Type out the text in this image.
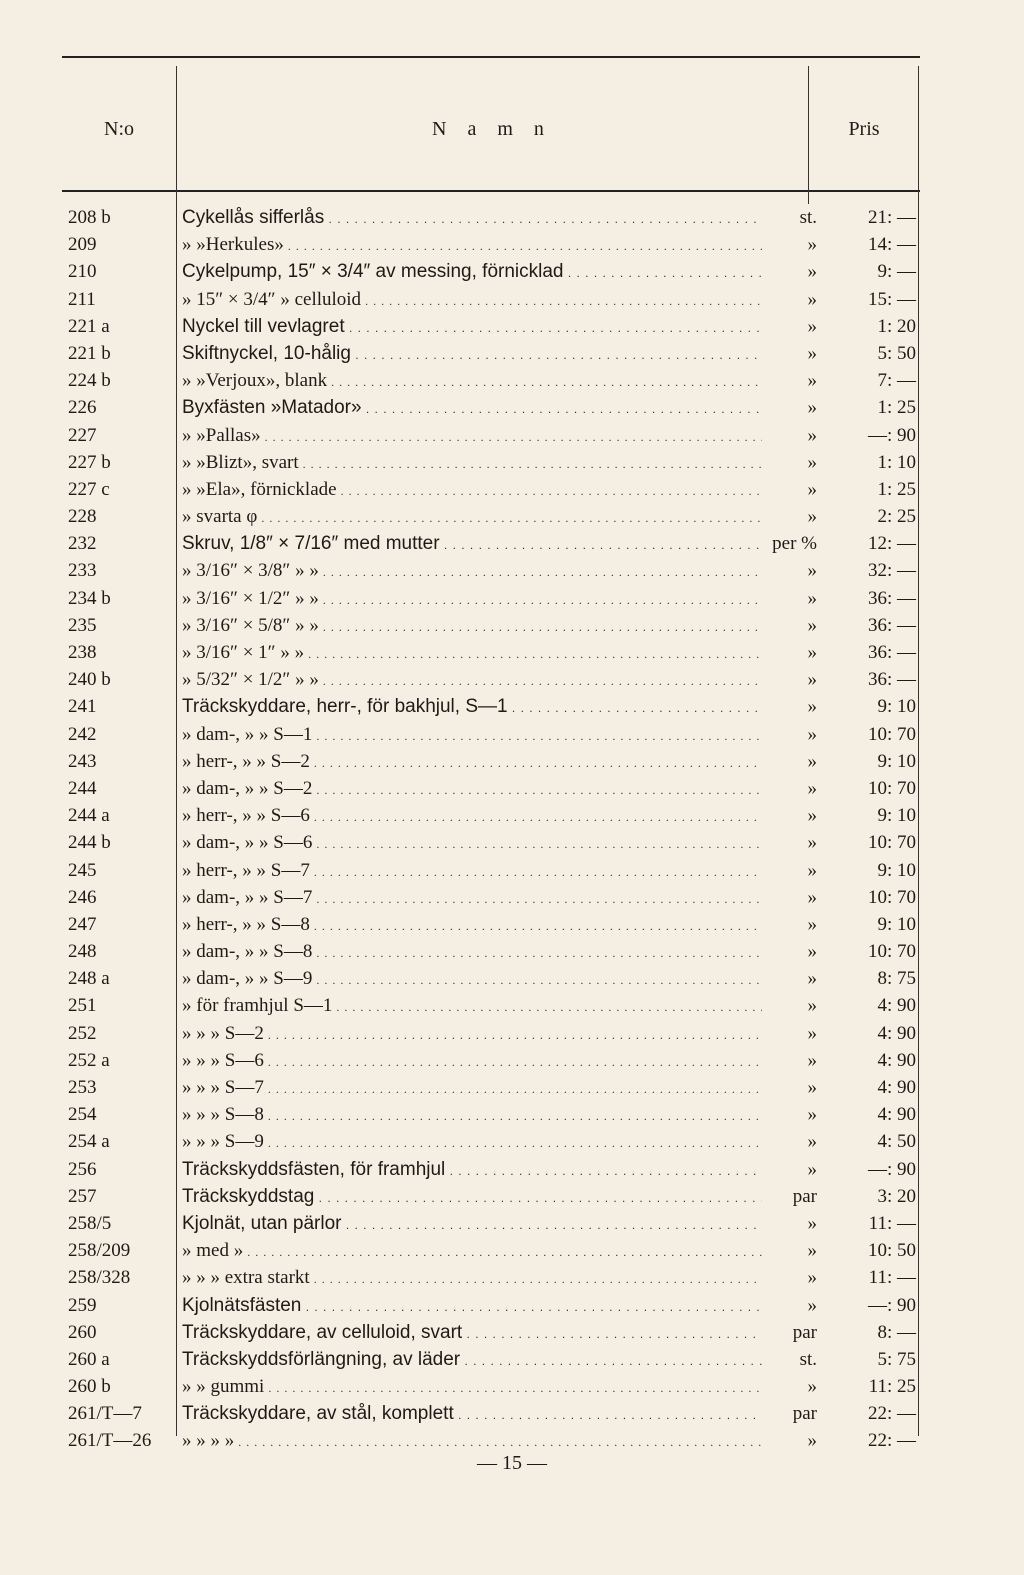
N:o	N a m n	Pris
208 b	Cykellås sifferlås . . .	st.	21: —
209	» »Herkules» . . .	»	14: —
210	Cykelpump, 15″ × 3/4″ av messing, förnicklad . . .	»	9: —
211	» 15″ × 3/4″ » celluloid . . .	»	15: —
221 a	Nyckel till vevlagret . . .	»	1: 20
221 b	Skiftnyckel, 10-hålig . . .	»	5: 50
224 b	» »Verjoux», blank . . .	»	7: —
226	Byxfästen »Matador» . . .	»	1: 25
227	» »Pallas» . . .	»	—: 90
227 b	» »Blizt», svart . . .	»	1: 10
227 c	» »Ela», förnicklade . . .	»	1: 25
228	» svarta φ . . .	»	2: 25
232	Skruv, 1/8″ × 7/16″ med mutter . . .	per %	12: —
233	» 3/16″ × 3/8″ » » . . .	»	32: —
234 b	» 3/16″ × 1/2″ » » . . .	»	36: —
235	» 3/16″ × 5/8″ » » . . .	»	36: —
238	» 3/16″ × 1″ » » . . .	»	36: —
240 b	» 5/32″ × 1/2″ » » . . .	»	36: —
241	Träckskyddare, herr-, för bakhjul, S—1 . . .	»	9: 10
242	» dam-, » » S—1 . . .	»	10: 70
243	» herr-, » » S—2 . . .	»	9: 10
244	» dam-, » » S—2 . . .	»	10: 70
244 a	» herr-, » » S—6 . . .	»	9: 10
244 b	» dam-, » » S—6 . . .	»	10: 70
245	» herr-, » » S—7 . . .	»	9: 10
246	» dam-, » » S—7 . . .	»	10: 70
247	» herr-, » » S—8 . . .	»	9: 10
248	» dam-, » » S—8 . . .	»	10: 70
248 a	» dam-, » » S—9 . . .	»	8: 75
251	» för framhjul S—1 . . .	»	4: 90
252	» » » S—2 . . .	»	4: 90
252 a	» » » S—6 . . .	»	4: 90
253	» » » S—7 . . .	»	4: 90
254	» » » S—8 . . .	»	4: 90
254 a	» » » S—9 . . .	»	4: 50
256	Träckskyddsfästen, för framhjul . . .	»	—: 90
257	Träckskyddstag . . .	par	3: 20
258/5	Kjolnät, utan pärlor . . .	»	11: —
258/209	» med » . . .	»	10: 50
258/328	» » » extra starkt . . .	»	11: —
259	Kjolnätsfästen . . .	»	—: 90
260	Träckskyddare, av celluloid, svart . . .	par	8: —
260 a	Träckskyddsförlängning, av läder . . .	st.	5: 75
260 b	» » gummi . . .	»	11: 25
261/T—7	Träckskyddare, av stål, komplett . . .	par	22: —
261/T—26	» » » » . . .	»	22: —
— 15 —
